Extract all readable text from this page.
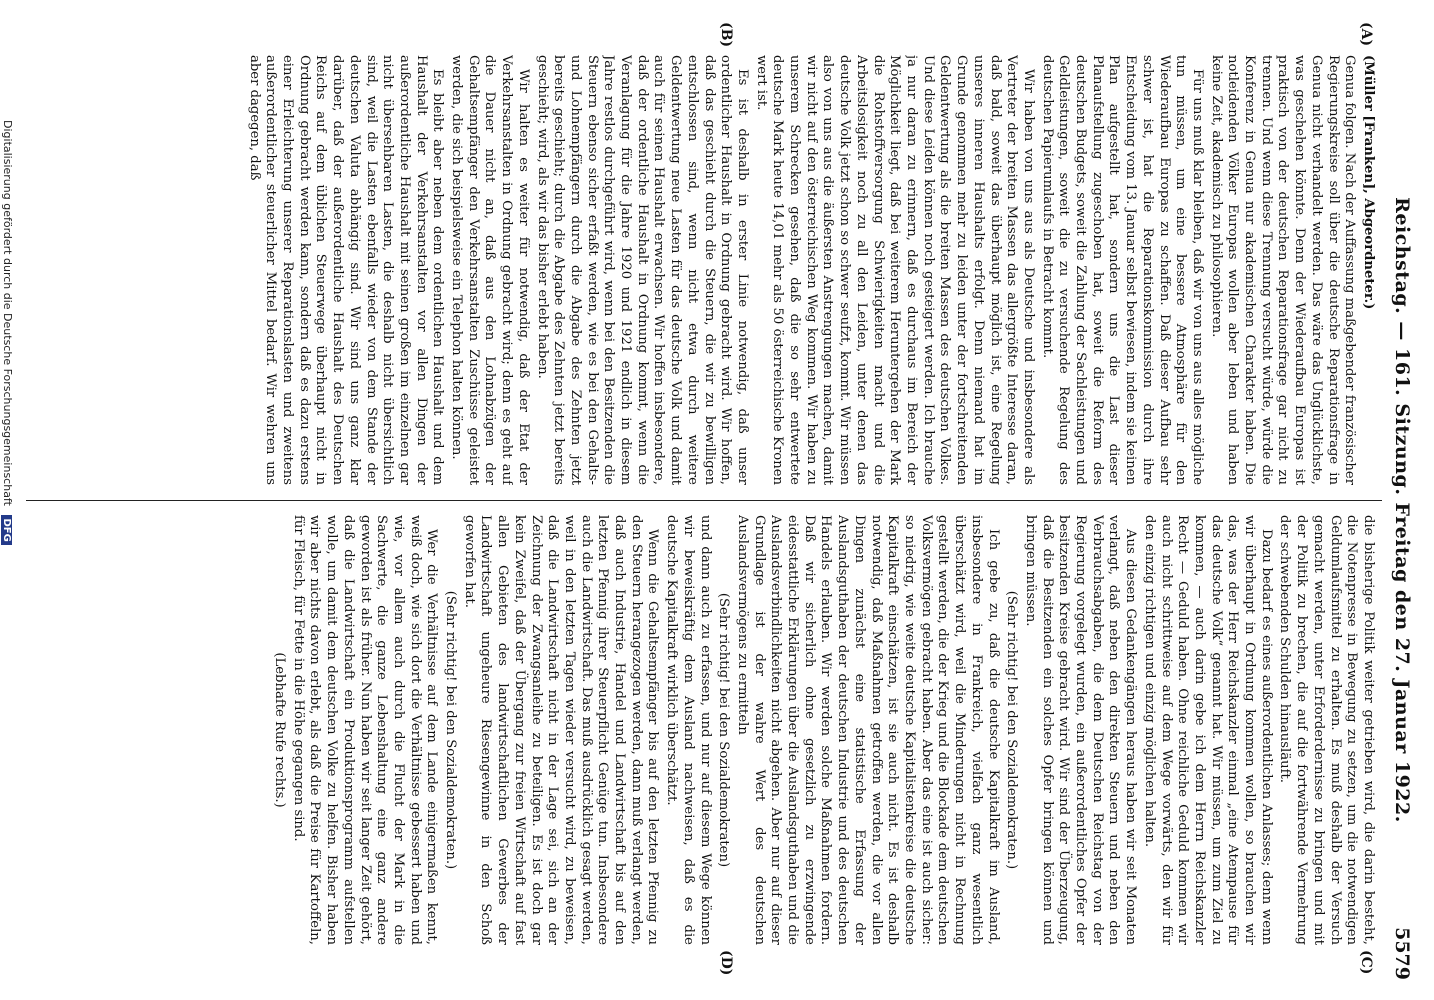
Reichstag. — 161. Sitzung. Freitag den 27. Januar 1922.
5579
(A)
(B)
(C)
(D)

(Müller [Franken], Abgeordneter.)

Genua folgen. Nach der Auffassung maßgebender französischer Regierungskreise soll über die deutsche Reparationsfrage in Genua nicht verhandelt werden. Das wäre das Unglücklichste, was geschehen könnte. Denn der Wiederaufbau Europas ist praktisch von der deutschen Reparationsfrage gar nicht zu trennen. Und wenn diese Trennung versucht würde, würde die Konferenz in Genua nur akademischen Charakter haben. Die notleidenden Völker Europas wollen aber leben und haben keine Zeit, akademisch zu philosophieren.

Für uns muß klar bleiben, daß wir von uns aus alles mögliche tun müssen, um eine bessere Atmosphäre für den Wiederaufbau Europas zu schaffen. Daß dieser Aufbau sehr schwer ist, hat die Reparationskommission durch ihre Entscheidung vom 13. Januar selbst bewiesen, indem sie keinen Plan aufgestellt hat, sondern uns die Last dieser Planaufstellung zugeschoben hat, soweit die Reform des deutschen Budgets, soweit die Zahlung der Sachleistungen und Geldleistungen, soweit die zu versuchende Regelung des deutschen Papierumlaufs in Betracht kommt.

Wir haben von uns aus als Deutsche und insbesondere als Vertreter der breiten Massen das allergrößte Interesse daran, daß bald, soweit das überhaupt möglich ist, eine Regelung unseres inneren Haushalts erfolgt. Denn niemand hat im Grunde genommen mehr zu leiden unter der fortschreitenden Geldentwertung als die breiten Massen des deutschen Volkes. Und diese Leiden können noch gesteigert werden. Ich brauche ja nur daran zu erinnern, daß es durchaus im Bereich der Möglichkeit liegt, daß bei weiterem Heruntergehen der Mark die Rohstoffversorgung Schwierigkeiten macht und die Arbeitslosigkeit noch zu all den Leiden, unter denen das deutsche Volk jetzt schon so schwer seufzt, kommt. Wir müssen also von uns aus die äußersten Anstrengungen machen, damit wir nicht auf den österreichischen Weg kommen. Wir haben zu unserem Schrecken gesehen, daß die so sehr entwertete deutsche Mark heute 14,01 mehr als 50 österreichische Kronen wert ist.

Es ist deshalb in erster Linie notwendig, daß unser ordentlicher Haushalt in Ordnung gebracht wird. Wir hoffen, daß das geschieht durch die Steuern, die wir zu bewilligen entschlossen sind, wenn nicht etwa durch weitere Geldentwertung neue Lasten für das deutsche Volk und damit auch für seinen Haushalt erwachsen. Wir hoffen insbesondere, daß der ordentliche Haushalt in Ordnung kommt, wenn die Veranlagung für die Jahre 1920 und 1921 endlich in diesem Jahre restlos durchgeführt wird, wenn bei den Besitzenden die Steuern ebenso sicher erfaßt werden, wie es bei den Gehalts- und Lohnempfängern durch die Abgabe des Zehnten jetzt bereits geschieht; durch die Abgabe des Zehnten jetzt bereits geschieht; wird, als wir das bisher erlebt haben.

Wir halten es weiter für notwendig, daß der Etat der Verkehrsanstalten in Ordnung gebracht wird; denn es geht auf die Dauer nicht an, daß aus den Lohnabzügen der Gehaltsempfänger den Verkehrsanstalten Zuschüsse geleistet werden, die sich beispielsweise ein Telephon halten können.

Es bleibt aber neben dem ordentlichen Haushalt und dem Haushalt der Verkehrsanstalten vor allen Dingen der außerordentliche Haushalt mit seinen großen im einzelnen gar nicht übersehbaren Lasten, die deshalb nicht übersichtlich sind, weil die Lasten ebenfalls wieder von dem Stande der deutschen Valuta abhängig sind. Wir sind uns ganz klar darüber, daß der außerordentliche Haushalt des Deutschen Reichs auf dem üblichen Steuerwege überhaupt nicht in Ordnung gebracht werden kann, sondern daß es dazu erstens einer Erleichterung unserer Reparationslasten und zweitens außerordentlicher steuerlicher Mittel bedarf. Wir wehren uns aber dagegen, daß

die bisherige Politik weiter getrieben wird, die darin besteht, die Notenpresse in Bewegung zu setzen, um die notwendigen Geldumlaufsmittel zu erhalten. Es muß deshalb der Versuch gemacht werden, unter Erforderdernisse zu bringen und mit der Politik zu brechen, die auf die fortwährende Vermehrung der schwebenden Schulden hinausläuft.

Dazu bedarf es eines außerordentlichen Anlasses; denn wenn wir überhaupt in Ordnung kommen wollen, so brauchen wir das, was der Herr Reichskanzler einmal „eine Atempause für das deutsche Volk“ genannt hat. Wir müssen, um zum Ziel zu kommen, — auch darin gebe ich dem Herrn Reichskanzler Recht — Geduld haben. Ohne reichliche Geduld kommen wir auch nicht schrittweise auf dem Wege vorwärts, den wir für den einzig richtigen und einzig möglichen halten.

Aus diesen Gedankengängen heraus haben wir seit Monaten verlangt, daß neben den direkten Steuern und neben den Verbrauchsabgaben, die dem Deutschen Reichstag von der Regierung vorgelegt wurden, ein außerordentliches Opfer der besitzenden Kreise gebracht wird. Wir sind der Überzeugung, daß die Besitzenden ein solches Opfer bringen können und bringen müssen.

(Sehr richtig! bei den Sozialdemokraten.)

Ich gebe zu, daß die deutsche Kapitalkraft im Ausland, insbesondere in Frankreich, vielfach ganz wesentlich überschätzt wird, weil die Minderungen nicht in Rechnung gestellt werden, die der Krieg und die Blockade dem deutschen Volksvermögen gebracht haben. Aber das eine ist auch sicher: so niedrig, wie weite deutsche Kapitalistenkreise die deutsche Kapitalkraft einschätzen, ist sie auch nicht. Es ist deshalb notwendig, daß Maßnahmen getroffen werden, die vor allen Dingen zunächst eine statistische Erfassung der Auslandsguthaben der deutschen Industrie und des deutschen Handels erlauben. Wir werden solche Maßnahmen fordern. Daß wir sicherlich ohne gesetzlich zu erzwingende eidesstattliche Erklärungen über die Auslandsguthaben und die Auslandsverbindlichkeiten nicht abgehen. Aber nur auf dieser Grundlage ist der wahre Wert des deutschen Auslandsvermögens zu ermitteln

(Sehr richtig! bei den Sozialdemokraten)

und dann auch zu erfassen, und nur auf diesem Wege können wir beweiskräftig dem Ausland nachweisen, daß es die deutsche Kapitalkraft wirklich überschätzt.

Wenn die Gehaltsempfänger bis auf den letzten Pfennig zu den Steuern herangezogen werden, dann muß verlangt werden, daß auch Industrie, Handel und Landwirtschaft bis auf den letzten Pfennig ihrer Steuerpflicht Genüge tun. Insbesondere auch die Landwirtschaft. Das muß ausdrücklich gesagt werden, weil in den letzten Tagen wieder versucht wird, zu beweisen, daß die Landwirtschaft nicht in der Lage sei, sich an der Zeichnung der Zwangsanleihe zu beteiligen. Es ist doch gar kein Zweifel, daß der Übergang zur freien Wirtschaft auf fast allen Gebieten des landwirtschaftlichen Gewerbes der Landwirtschaft ungeheure Riesengewinne in den Schoß geworfen hat.

(Sehr richtig! bei den Sozialdemokraten.)

Wer die Verhältnisse auf dem Lande einigermaßen kennt, weiß doch, wie sich dort die Verhältnisse gebessert haben und wie, vor allem auch durch die Flucht der Mark in die Sachwerte, die ganze Lebenshaltung eine ganz andere geworden ist als früher. Nun haben wir seit langer Zeit gehört, daß die Landwirtschaft ein Produktionsprogramm aufstellen wolle, um damit dem deutschen Volke zu helfen. Bisher haben wir aber nichts davon erlebt, als daß die Preise für Kartoffeln, für Fleisch, für Fette in die Höhe gegangen sind.

(Lebhafte Rufe rechts.)

Digitalisierung gefördert durch die Deutsche Forschungsgemeinschaft DFG
